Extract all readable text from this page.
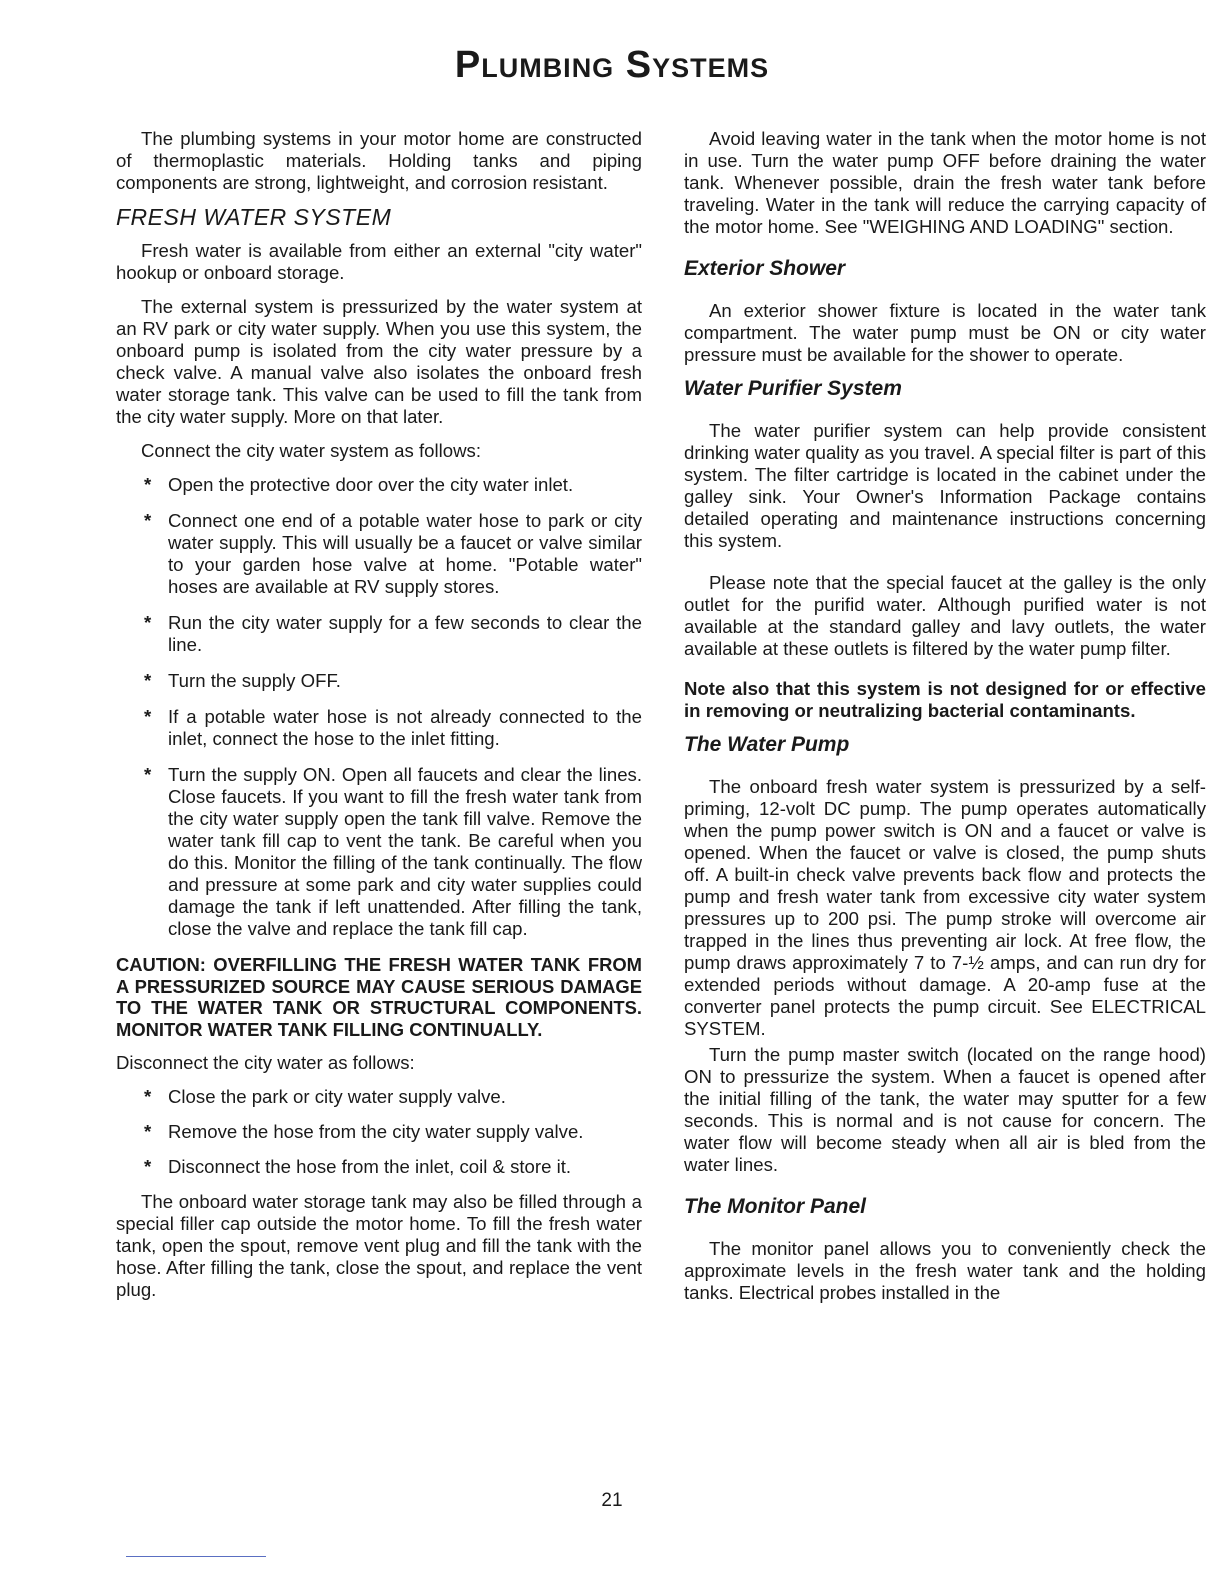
Plumbing Systems

The plumbing systems in your motor home are constructed of thermoplastic materials. Holding tanks and piping components are strong, lightweight, and corrosion resistant.

FRESH WATER SYSTEM

Fresh water is available from either an external "city water" hookup or onboard storage.

The external system is pressurized by the water system at an RV park or city water supply. When you use this system, the onboard pump is isolated from the city water pressure by a check valve. A manual valve also isolates the onboard fresh water storage tank. This valve can be used to fill the tank from the city water supply. More on that later.

Connect the city water system as follows:

* Open the protective door over the city water inlet.
* Connect one end of a potable water hose to park or city water supply. This will usually be a faucet or valve similar to your garden hose valve at home. "Potable water" hoses are available at RV supply stores.
* Run the city water supply for a few seconds to clear the line.
* Turn the supply OFF.
* If a potable water hose is not already connected to the inlet, connect the hose to the inlet fitting.
* Turn the supply ON. Open all faucets and clear the lines. Close faucets. If you want to fill the fresh water tank from the city water supply open the tank fill valve. Remove the water tank fill cap to vent the tank. Be careful when you do this. Monitor the filling of the tank continually. The flow and pressure at some park and city water supplies could damage the tank if left unattended. After filling the tank, close the valve and replace the tank fill cap.

CAUTION: OVERFILLING THE FRESH WATER TANK FROM A PRESSURIZED SOURCE MAY CAUSE SERIOUS DAMAGE TO THE WATER TANK OR STRUCTURAL COMPONENTS. MONITOR WATER TANK FILLING CONTINUALLY.

Disconnect the city water as follows:

* Close the park or city water supply valve.
* Remove the hose from the city water supply valve.
* Disconnect the hose from the inlet, coil & store it.

The onboard water storage tank may also be filled through a special filler cap outside the motor home. To fill the fresh water tank, open the spout, remove vent plug and fill the tank with the hose. After filling the tank, close the spout, and replace the vent plug.

Avoid leaving water in the tank when the motor home is not in use. Turn the water pump OFF before draining the water tank. Whenever possible, drain the fresh water tank before traveling. Water in the tank will reduce the carrying capacity of the motor home. See "WEIGHING AND LOADING" section.

Exterior Shower

An exterior shower fixture is located in the water tank compartment. The water pump must be ON or city water pressure must be available for the shower to operate.

Water Purifier System

The water purifier system can help provide consistent drinking water quality as you travel. A special filter is part of this system. The filter cartridge is located in the cabinet under the galley sink. Your Owner's Information Package contains detailed operating and maintenance instructions concerning this system.

Please note that the special faucet at the galley is the only outlet for the purifid water. Although purified water is not available at the standard galley and lavy outlets, the water available at these outlets is filtered by the water pump filter.

Note also that this system is not designed for or effective in removing or neutralizing bacterial contaminants.

The Water Pump

The onboard fresh water system is pressurized by a self-priming, 12-volt DC pump. The pump operates automatically when the pump power switch is ON and a faucet or valve is opened. When the faucet or valve is closed, the pump shuts off. A built-in check valve prevents back flow and protects the pump and fresh water tank from excessive city water system pressures up to 200 psi. The pump stroke will overcome air trapped in the lines thus preventing air lock. At free flow, the pump draws approximately 7 to 7-½ amps, and can run dry for extended periods without damage. A 20-amp fuse at the converter panel protects the pump circuit. See ELECTRICAL SYSTEM.

Turn the pump master switch (located on the range hood) ON to pressurize the system. When a faucet is opened after the initial filling of the tank, the water may sputter for a few seconds. This is normal and is not cause for concern. The water flow will become steady when all air is bled from the water lines.

The Monitor Panel

The monitor panel allows you to conveniently check the approximate levels in the fresh water tank and the holding tanks. Electrical probes installed in the

21
